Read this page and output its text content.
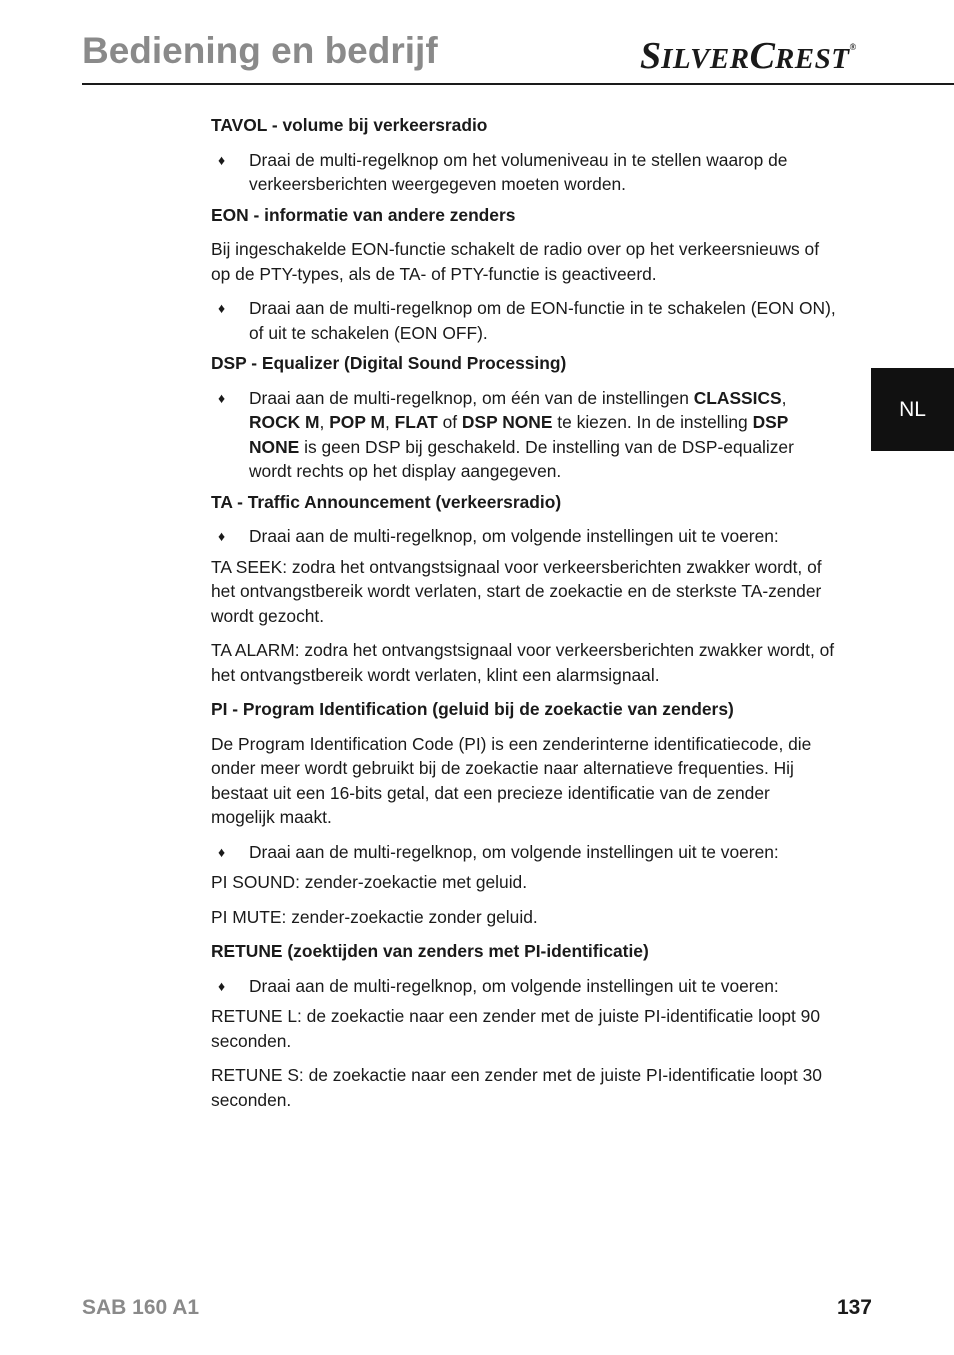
Bediening en bedrijf	SILVERCREST®
NL
TAVOL - volume bij verkeersradio
♦ Draai de multi-regelknop om het volumeniveau in te stellen waarop de verkeersberichten weergegeven moeten worden.
EON - informatie van andere zenders

Bij ingeschakelde EON-functie schakelt de radio over op het verkeersnieuws of op de PTY-types, als de TA- of PTY-functie is geactiveerd.

♦ Draai aan de multi-regelknop om de EON-functie in te schakelen (EON ON), of uit te schakelen (EON OFF).
DSP - Equalizer (Digital Sound Processing)
♦ Draai aan de multi-regelknop, om één van de instellingen CLASSICS, ROCK M, POP M, FLAT of DSP NONE te kiezen. In de instelling DSP NONE is geen DSP bij geschakeld. De instelling van de DSP-equalizer wordt rechts op het display aangegeven.
TA - Traffic Announcement (verkeersradio)
♦ Draai aan de multi-regelknop, om volgende instellingen uit te voeren:

TA SEEK: zodra het ontvangstsignaal voor verkeersberichten zwakker wordt, of het ontvangstbereik wordt verlaten, start de zoekactie en de sterkste TA-zender wordt gezocht.

TA ALARM: zodra het ontvangstsignaal voor verkeersberichten zwakker wordt, of het ontvangstbereik wordt verlaten, klint een alarmsignaal.

PI - Program Identification (geluid bij de zoekactie van zenders)

De Program Identification Code (PI) is een zenderinterne identificatiecode, die onder meer wordt gebruikt bij de zoekactie naar alternatieve frequenties. Hij bestaat uit een 16-bits getal, dat een precieze identificatie van de zender mogelijk maakt.

♦ Draai aan de multi-regelknop, om volgende instellingen uit te voeren:

PI SOUND: zender-zoekactie met geluid.

PI MUTE: zender-zoekactie zonder geluid.

RETUNE (zoektijden van zenders met PI-identificatie)
♦ Draai aan de multi-regelknop, om volgende instellingen uit te voeren:

RETUNE L: de zoekactie naar een zender met de juiste PI-identificatie loopt 90 seconden.

RETUNE S: de zoekactie naar een zender met de juiste PI-identificatie loopt 30 seconden.

SAB 160 A1	137
